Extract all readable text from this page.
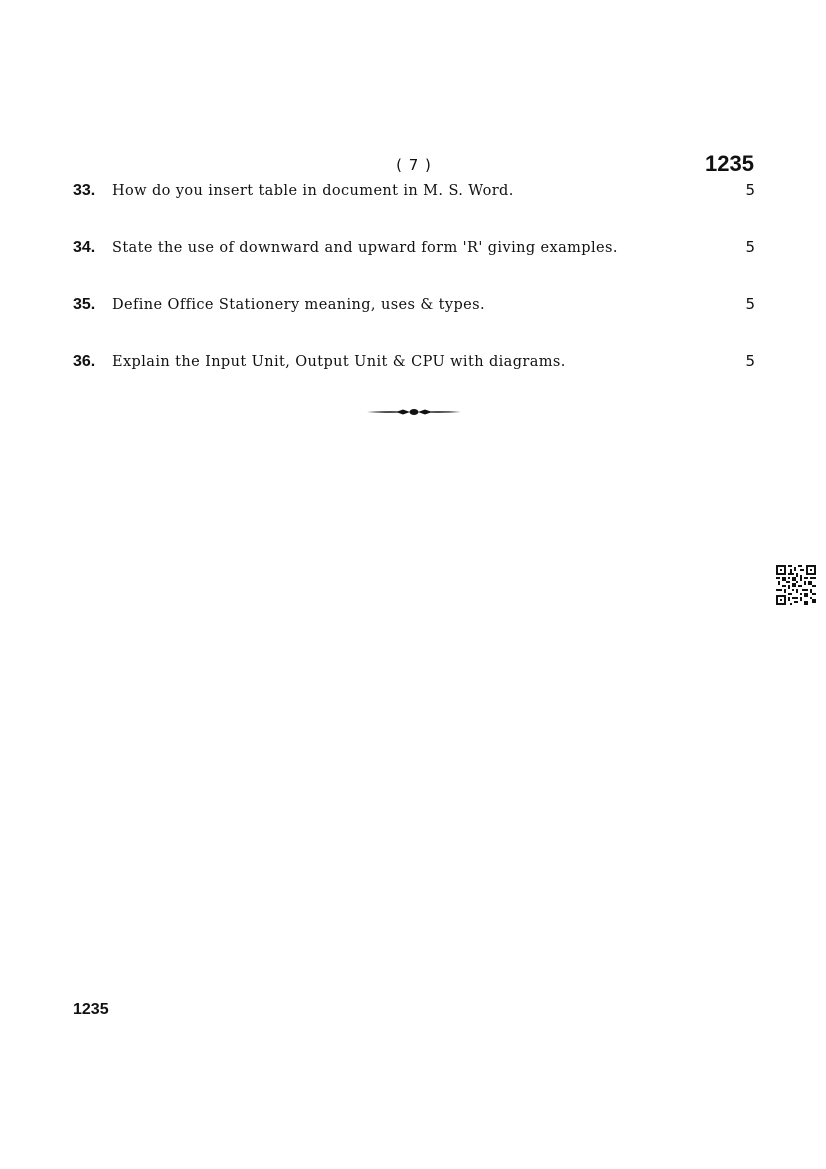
( 7 )	1235
33.	How do you insert table in document in M. S. Word.	5
34.	State the use of downward and upward form 'R' giving examples.	5
35.	Define Office Stationery meaning, uses & types.	5
36.	Explain the Input Unit, Output Unit & CPU with diagrams.	5
1235
